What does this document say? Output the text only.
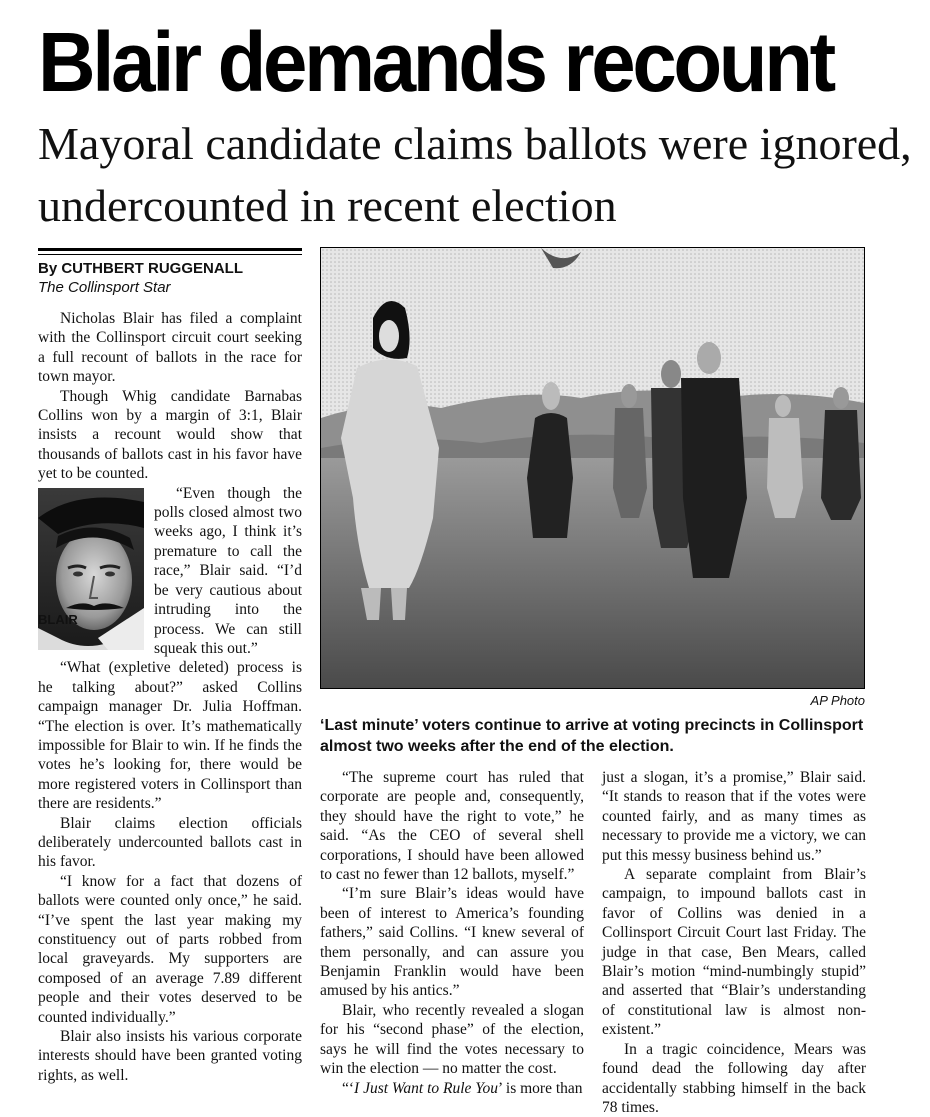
Blair demands recount
Mayoral candidate claims ballots were ignored, undercounted in recent election
By CUTHBERT RUGGENALL
The Collinsport Star

Nicholas Blair has filed a complaint with the Collinsport circuit court seeking a full recount of ballots in the race for town mayor.

Though Whig candidate Barnabas Collins won by a margin of 3:1, Blair insists a recount would show that thousands of ballots cast in his favor have yet to be counted.

“Even though the polls closed almost two weeks ago, I think it’s premature to call the race,” Blair said. “I’d be very cautious about intruding into the process. We can still squeak this out.”

“What (expletive deleted) process is he talking about?” asked Collins campaign manager Dr. Julia Hoffman. “The election is over. It’s mathematically impossible for Blair to win. If he finds the votes he’s looking for, there would be more registered voters in Collinsport than there are residents.”

Blair claims election officials deliberately undercounted ballots cast in his favor.

“I know for a fact that dozens of ballots were counted only once,” he said. “I’ve spent the last year making my constituency out of parts robbed from local graveyards. My supporters are composed of an average 7.89 different people and their votes deserved to be counted individually.”

Blair also insists his various corporate interests should have been granted voting rights, as well.

BLAIR
AP Photo

‘Last minute’ voters continue to arrive at voting precincts in Collinsport almost two weeks after the end of the election.

“The supreme court has ruled that corporate are people and, consequently, they should have the right to vote,” he said. “As the CEO of several shell corporations, I should have been allowed to cast no fewer than 12 ballots, myself.”

“I’m sure Blair’s ideas would have been of interest to America’s founding fathers,” said Collins. “I knew several of them personally, and can assure you Benjamin Franklin would have been amused by his antics.”

Blair, who recently revealed a slogan for his “second phase” of the election, says he will find the votes necessary to win the election — no matter the cost.

“‘I Just Want to Rule You’ is more than

just a slogan, it’s a promise,” Blair said. “It stands to reason that if the votes were counted fairly, and as many times as necessary to provide me a victory, we can put this messy business behind us.”

A separate complaint from Blair’s campaign, to impound ballots cast in favor of Collins was denied in a Collinsport Circuit Court last Friday. The judge in that case, Ben Mears, called Blair’s motion “mind-numbingly stupid” and asserted that “Blair’s understanding of constitutional law is almost non-existent.”

In a tragic coincidence, Mears was found dead the following day after accidentally stabbing himself in the back 78 times.
